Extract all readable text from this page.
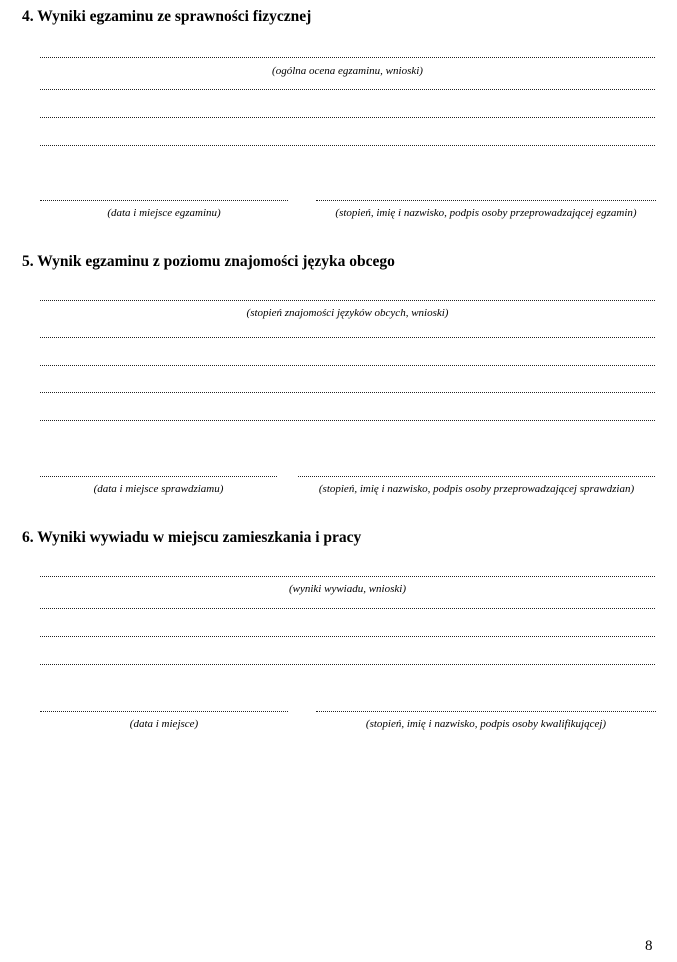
4. Wyniki egzaminu ze sprawności fizycznej
(ogólna ocena egzaminu, wnioski)
(data i miejsce egzaminu)	(stopień, imię i nazwisko, podpis osoby przeprowadzającej egzamin)
5. Wynik egzaminu z poziomu znajomości języka obcego
(stopień znajomości języków obcych, wnioski)
(data i miejsce sprawdziamu)	(stopień, imię i nazwisko, podpis osoby przeprowadzającej sprawdzian)
6. Wyniki wywiadu w miejscu zamieszkania i pracy
(wyniki wywiadu, wnioski)
(data i miejsce)	(stopień, imię i nazwisko, podpis osoby kwalifikującej)
8
